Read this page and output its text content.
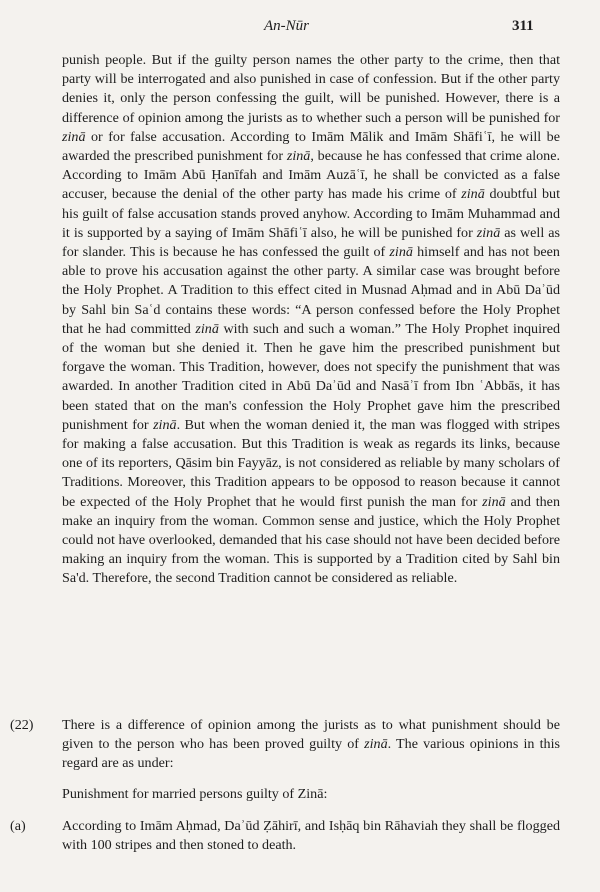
An-Nūr	311
punish people. But if the guilty person names the other party to the crime, then that party will be interrogated and also punished in case of confession. But if the other party denies it, only the person confessing the guilt, will be punished. However, there is a difference of opinion among the jurists as to whether such a person will be punished for zinā or for false accusation. According to Imām Mālik and Imām Shāfiʿī, he will be awarded the prescribed punishment for zinā, because he has confessed that crime alone. According to Imām Abū Ḥanīfah and Imām Auzāʿī, he shall be convicted as a false accuser, because the denial of the other party has made his crime of zinā doubtful but his guilt of false accusation stands proved anyhow. According to Imām Muhammad and it is supported by a saying of Imām Shāfiʿī also, he will be punished for zinā as well as for slander. This is because he has confessed the guilt of zinā himself and has not been able to prove his accusation against the other party. A similar case was brought before the Holy Prophet. A Tradition to this effect cited in Musnad Aḥmad and in Abū Daʾūd by Sahl bin Saʿd contains these words: “A person confessed before the Holy Prophet that he had committed zinā with such and such a woman.” The Holy Prophet inquired of the woman but she denied it. Then he gave him the prescribed punishment but forgave the woman. This Tradition, however, does not specify the punishment that was awarded. In another Tradition cited in Abū Daʾūd and Nasāʾī from Ibn ʿAbbās, it has been stated that on the man's confession the Holy Prophet gave him the prescribed punishment for zinā. But when the woman denied it, the man was flogged with stripes for making a false accusation. But this Tradition is weak as regards its links, because one of its reporters, Qāsim bin Fayyāz, is not considered as reliable by many scholars of Traditions. Moreover, this Tradition appears to be opposod to reason because it cannot be expected of the Holy Prophet that he would first punish the man for zinā and then make an inquiry from the woman. Common sense and justice, which the Holy Prophet could not have overlooked, demanded that his case should not have been decided before making an inquiry from the woman. This is supported by a Tradition cited by Sahl bin Sa'd. Therefore, the second Tradition cannot be considered as reliable.
(22) There is a difference of opinion among the jurists as to what punishment should be given to the person who has been proved guilty of zinā. The various opinions in this regard are as under:
Punishment for married persons guilty of Zinā:
(a)	According to Imām Aḥmad, Daʾūd Ẓāhirī, and Isḥāq bin Rāhaviah they shall be flogged with 100 stripes and then stoned to death.
